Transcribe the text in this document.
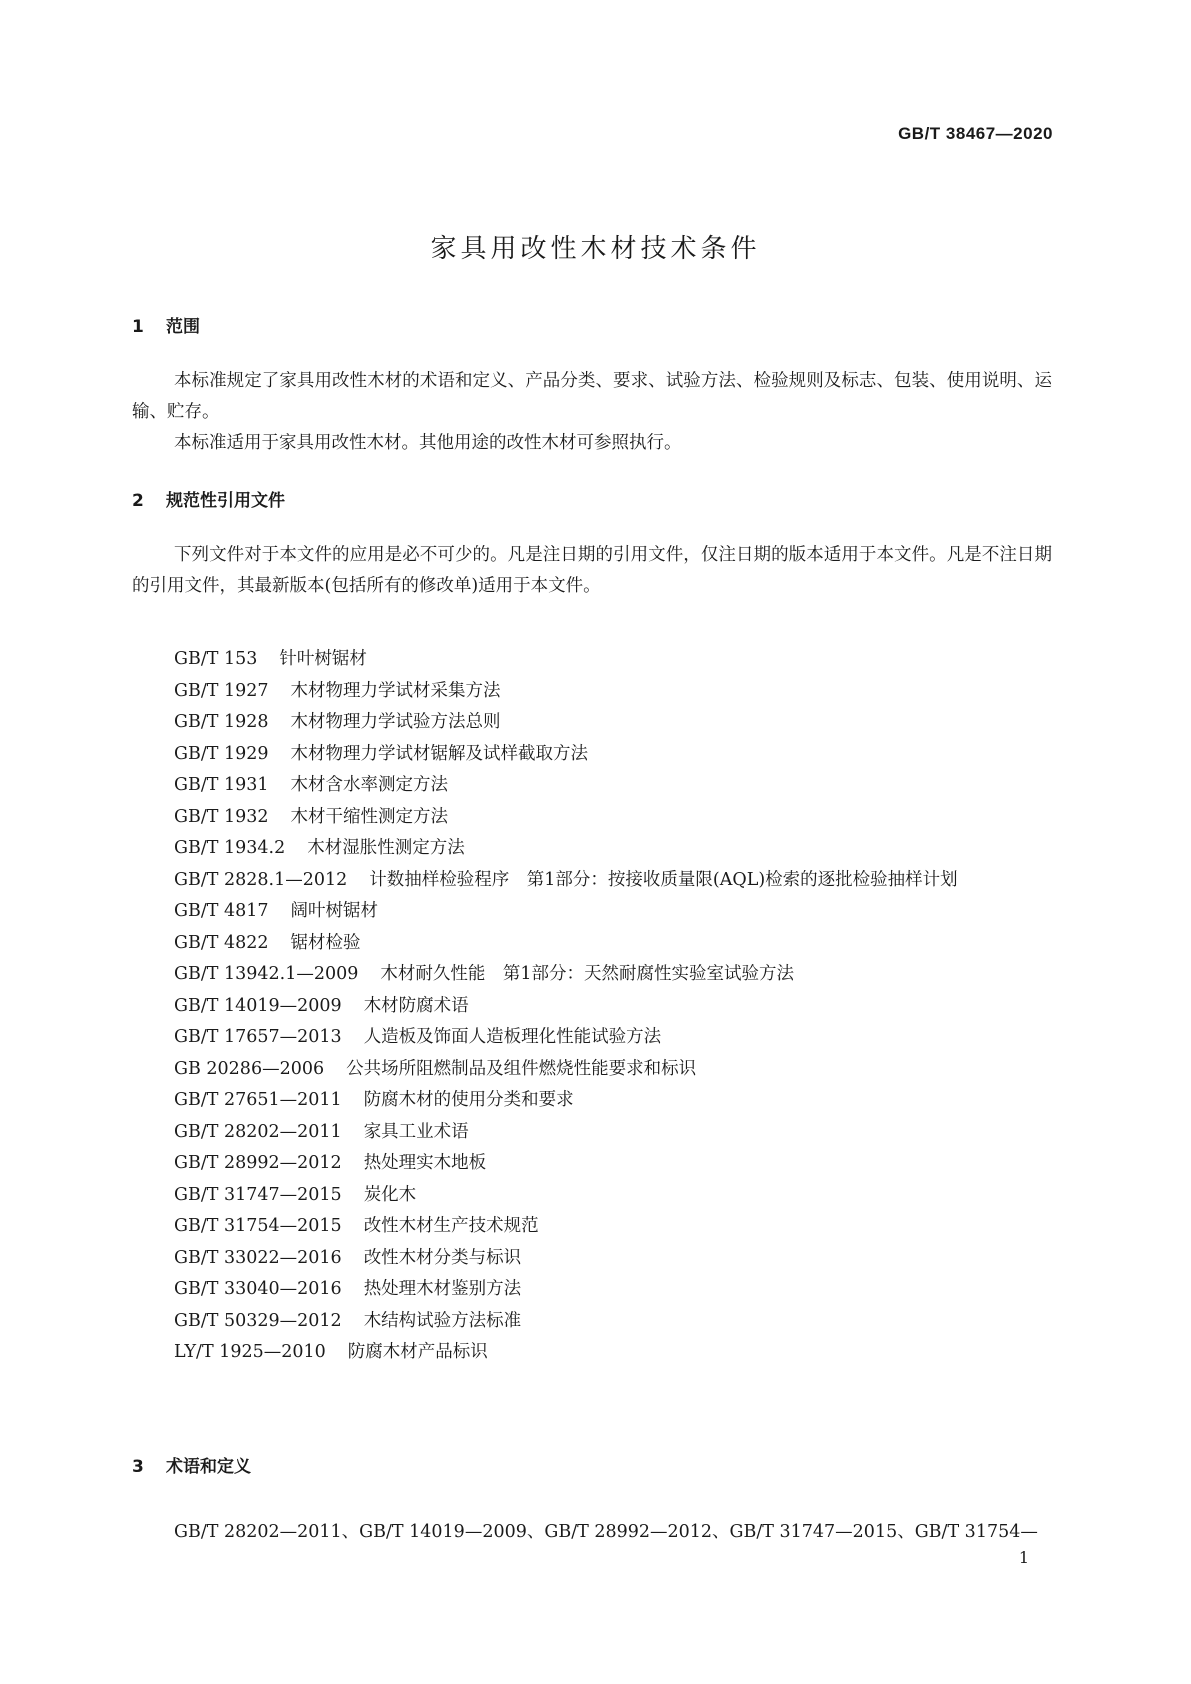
GB/T 38467—2020
家具用改性木材技术条件
1 范围

本标准规定了家具用改性木材的术语和定义、产品分类、要求、试验方法、检验规则及标志、包装、使用说明、运输、贮存。

本标准适用于家具用改性木材。其他用途的改性木材可参照执行。

2 规范性引用文件

下列文件对于本文件的应用是必不可少的。凡是注日期的引用文件，仅注日期的版本适用于本文件。凡是不注日期的引用文件，其最新版本(包括所有的修改单)适用于本文件。

GB/T 153 针叶树锯材
GB/T 1927 木材物理力学试材采集方法
GB/T 1928 木材物理力学试验方法总则
GB/T 1929 木材物理力学试材锯解及试样截取方法
GB/T 1931 木材含水率测定方法
GB/T 1932 木材干缩性测定方法
GB/T 1934.2 木材湿胀性测定方法
GB/T 2828.1—2012 计数抽样检验程序　第1部分：按接收质量限(AQL)检索的逐批检验抽样计划
GB/T 4817 阔叶树锯材
GB/T 4822 锯材检验
GB/T 13942.1—2009 木材耐久性能　第1部分：天然耐腐性实验室试验方法
GB/T 14019—2009 木材防腐术语
GB/T 17657—2013 人造板及饰面人造板理化性能试验方法
GB 20286—2006 公共场所阻燃制品及组件燃烧性能要求和标识
GB/T 27651—2011 防腐木材的使用分类和要求
GB/T 28202—2011 家具工业术语
GB/T 28992—2012 热处理实木地板
GB/T 31747—2015 炭化木
GB/T 31754—2015 改性木材生产技术规范
GB/T 33022—2016 改性木材分类与标识
GB/T 33040—2016 热处理木材鉴别方法
GB/T 50329—2012 木结构试验方法标准
LY/T 1925—2010 防腐木材产品标识
3 术语和定义
GB/T 28202—2011、GB/T 14019—2009、GB/T 28992—2012、GB/T 31747—2015、GB/T 31754—
1
